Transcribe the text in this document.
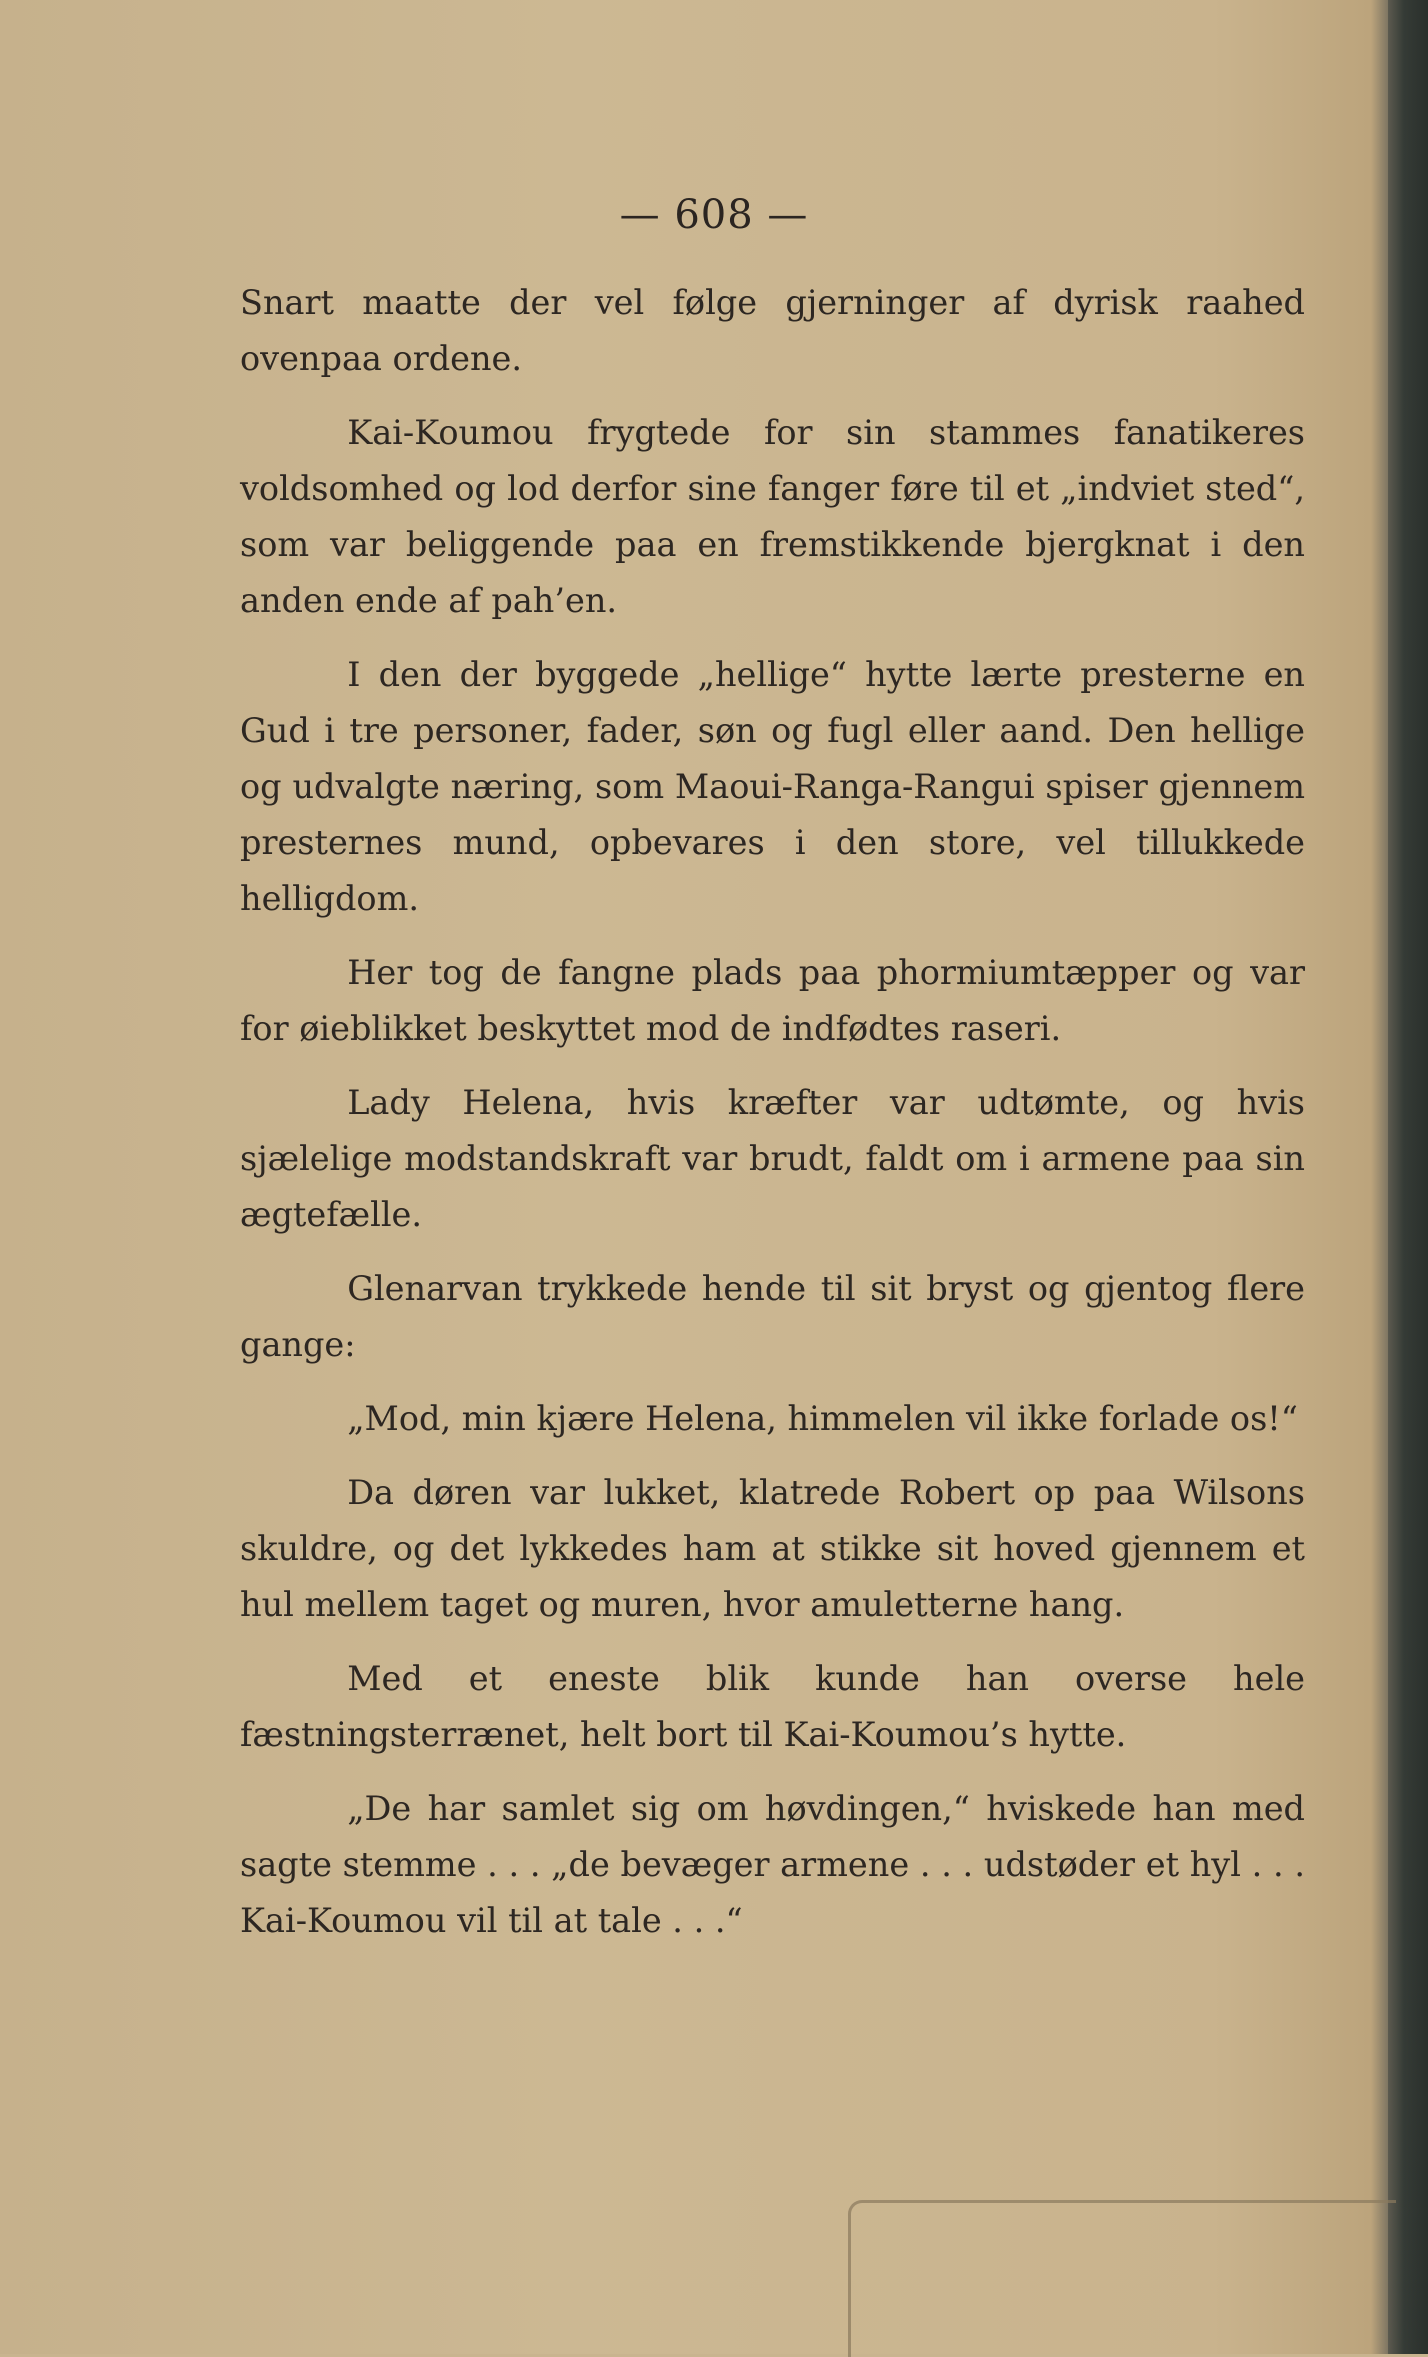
— 608 —

Snart maatte der vel følge gjerninger af dyrisk raahed ovenpaa ordene.

Kai-Koumou frygtede for sin stammes fanatikeres voldsomhed og lod derfor sine fanger føre til et „indviet sted“, som var beliggende paa en fremstikkende bjergknat i den anden ende af pah’en.

I den der byggede „hellige“ hytte lærte presterne en Gud i tre personer, fader, søn og fugl eller aand. Den hellige og udvalgte næring, som Maoui-Ranga-Rangui spiser gjennem presternes mund, opbevares i den store, vel tillukkede helligdom.

Her tog de fangne plads paa phormiumtæpper og var for øieblikket beskyttet mod de indfødtes raseri.

Lady Helena, hvis kræfter var udtømte, og hvis sjælelige modstandskraft var brudt, faldt om i armene paa sin ægtefælle.

Glenarvan trykkede hende til sit bryst og gjentog flere gange:

„Mod, min kjære Helena, himmelen vil ikke forlade os!“

Da døren var lukket, klatrede Robert op paa Wilsons skuldre, og det lykkedes ham at stikke sit hoved gjennem et hul mellem taget og muren, hvor amuletterne hang.

Med et eneste blik kunde han overse hele fæstningsterrænet, helt bort til Kai-Koumou’s hytte.

„De har samlet sig om høvdingen,“ hviskede han med sagte stemme . . . „de bevæger armene . . . udstøder et hyl . . . Kai-Koumou vil til at tale . . .“
